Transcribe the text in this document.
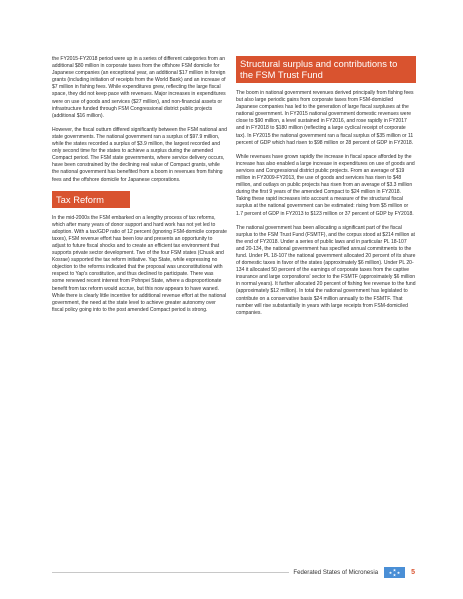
the FY2015-FY2018 period were up in a series of different categories from an additional $80 million in corporate taxes from the offshore FSM domicile for Japanese companies (an exceptional year, an additional $17 million in foreign grants (including initiation of receipts from the World Bank) and an increase of $7 million in fishing fees. While expenditures grew, reflecting the large fiscal space, they did not keep pace with revenues. Major increases in expenditures were on use of goods and services ($27 million), and non-financial assets or infrastructure funded through FSM Congressional district public projects (additional $16 million).

However, the fiscal outturn differed significantly between the FSM national and state governments. The national government ran a surplus of $97.9 million, while the states recorded a surplus of $3.9 million, the largest recorded and only second time for the states to achieve a surplus during the amended Compact period. The FSM state governments, where service delivery occurs, have been constrained by the declining real value of Compact grants, while the national government has benefited from a boom in revenues from fishing fees and the offshore domicile for Japanese corporations.

Tax Reform

In the mid-2000s the FSM embarked on a lengthy process of tax reforms, which after many years of donor support and hard work has not yet led to adoption. With a tax/GDP ratio of 12 percent (ignoring FSM-domicile corporate taxes), FSM revenue effort has been low and presents an opportunity to adjust to future fiscal shocks and to create an efficient tax environment that supports private sector development. Two of the four FSM states (Chuuk and Kosrae) supported the tax reform initiative. Yap State, while expressing no objection to the reforms indicated that the proposal was unconstitutional with respect to Yap's constitution, and thus declined to participate. There was some renewed recent interest from Pohnpei State, where a disproportionate benefit from tax reform would accrue, but this now appears to have waned. While there is clearly little incentive for additional revenue effort at the national government, the need at the state level to achieve greater autonomy over fiscal policy going into to the post amended Compact period is strong.

Structural surplus and contributions to the FSM Trust Fund

The boom in national government revenues derived principally from fishing fees but also large periodic gains from corporate taxes from FSM-domiciled Japanese companies has led to the generation of large fiscal surpluses at the national government. In FY2015 national government domestic revenues were close to $90 million, a level sustained in FY2016, and rose rapidly in FY2017 and in FY2018 to $180 million (reflecting a large cyclical receipt of corporate tax). In FY2015 the national government ran a fiscal surplus of $35 million or 11 percent of GDP which had risen to $98 million or 28 percent of GDP in FY2018.

While revenues have grown rapidly the increase in fiscal space afforded by the increase has also enabled a large increase in expenditures on use of goods and services and Congressional district public projects. From an average of $19 million in FY2009-FY2013, the use of goods and services has risen to $48 million, and outlays on public projects has risen from an average of $3.3 million during the first 9 years of the amended Compact to $24 million in FY2018. Taking these rapid increases into account a measure of the structural fiscal surplus at the national government can be estimated: rising from $5 million or 1.7 percent of GDP in FY2013 to $123 million or 37 percent of GDP by FY2018.

The national government has been allocating a significant part of the fiscal surplus to the FSM Trust Fund (FSMTF), and the corpus stood at $214 million at the end of FY2018. Under a series of public laws and in particular PL 18-107 and 20-134, the national government has specified annual commitments to the fund. Under PL 18-107 the national government allocated 20 percent of its share of domestic taxes in favor of the states (approximately $6 million). Under PL 20-134 it allocated 50 percent of the earnings of corporate taxes from the captive insurance and large corporations' sector to the FSMTF (approximately $6 million in normal years). It further allocated 20 percent of fishing fee revenue to the fund (approximately $12 million). In total the national government has legislated to contribute on a conservative basis $24 million annually to the FSMTF. That number will rise substantially in years with large receipts from FSM-domiciled companies.

Federated States of Micronesia	5
